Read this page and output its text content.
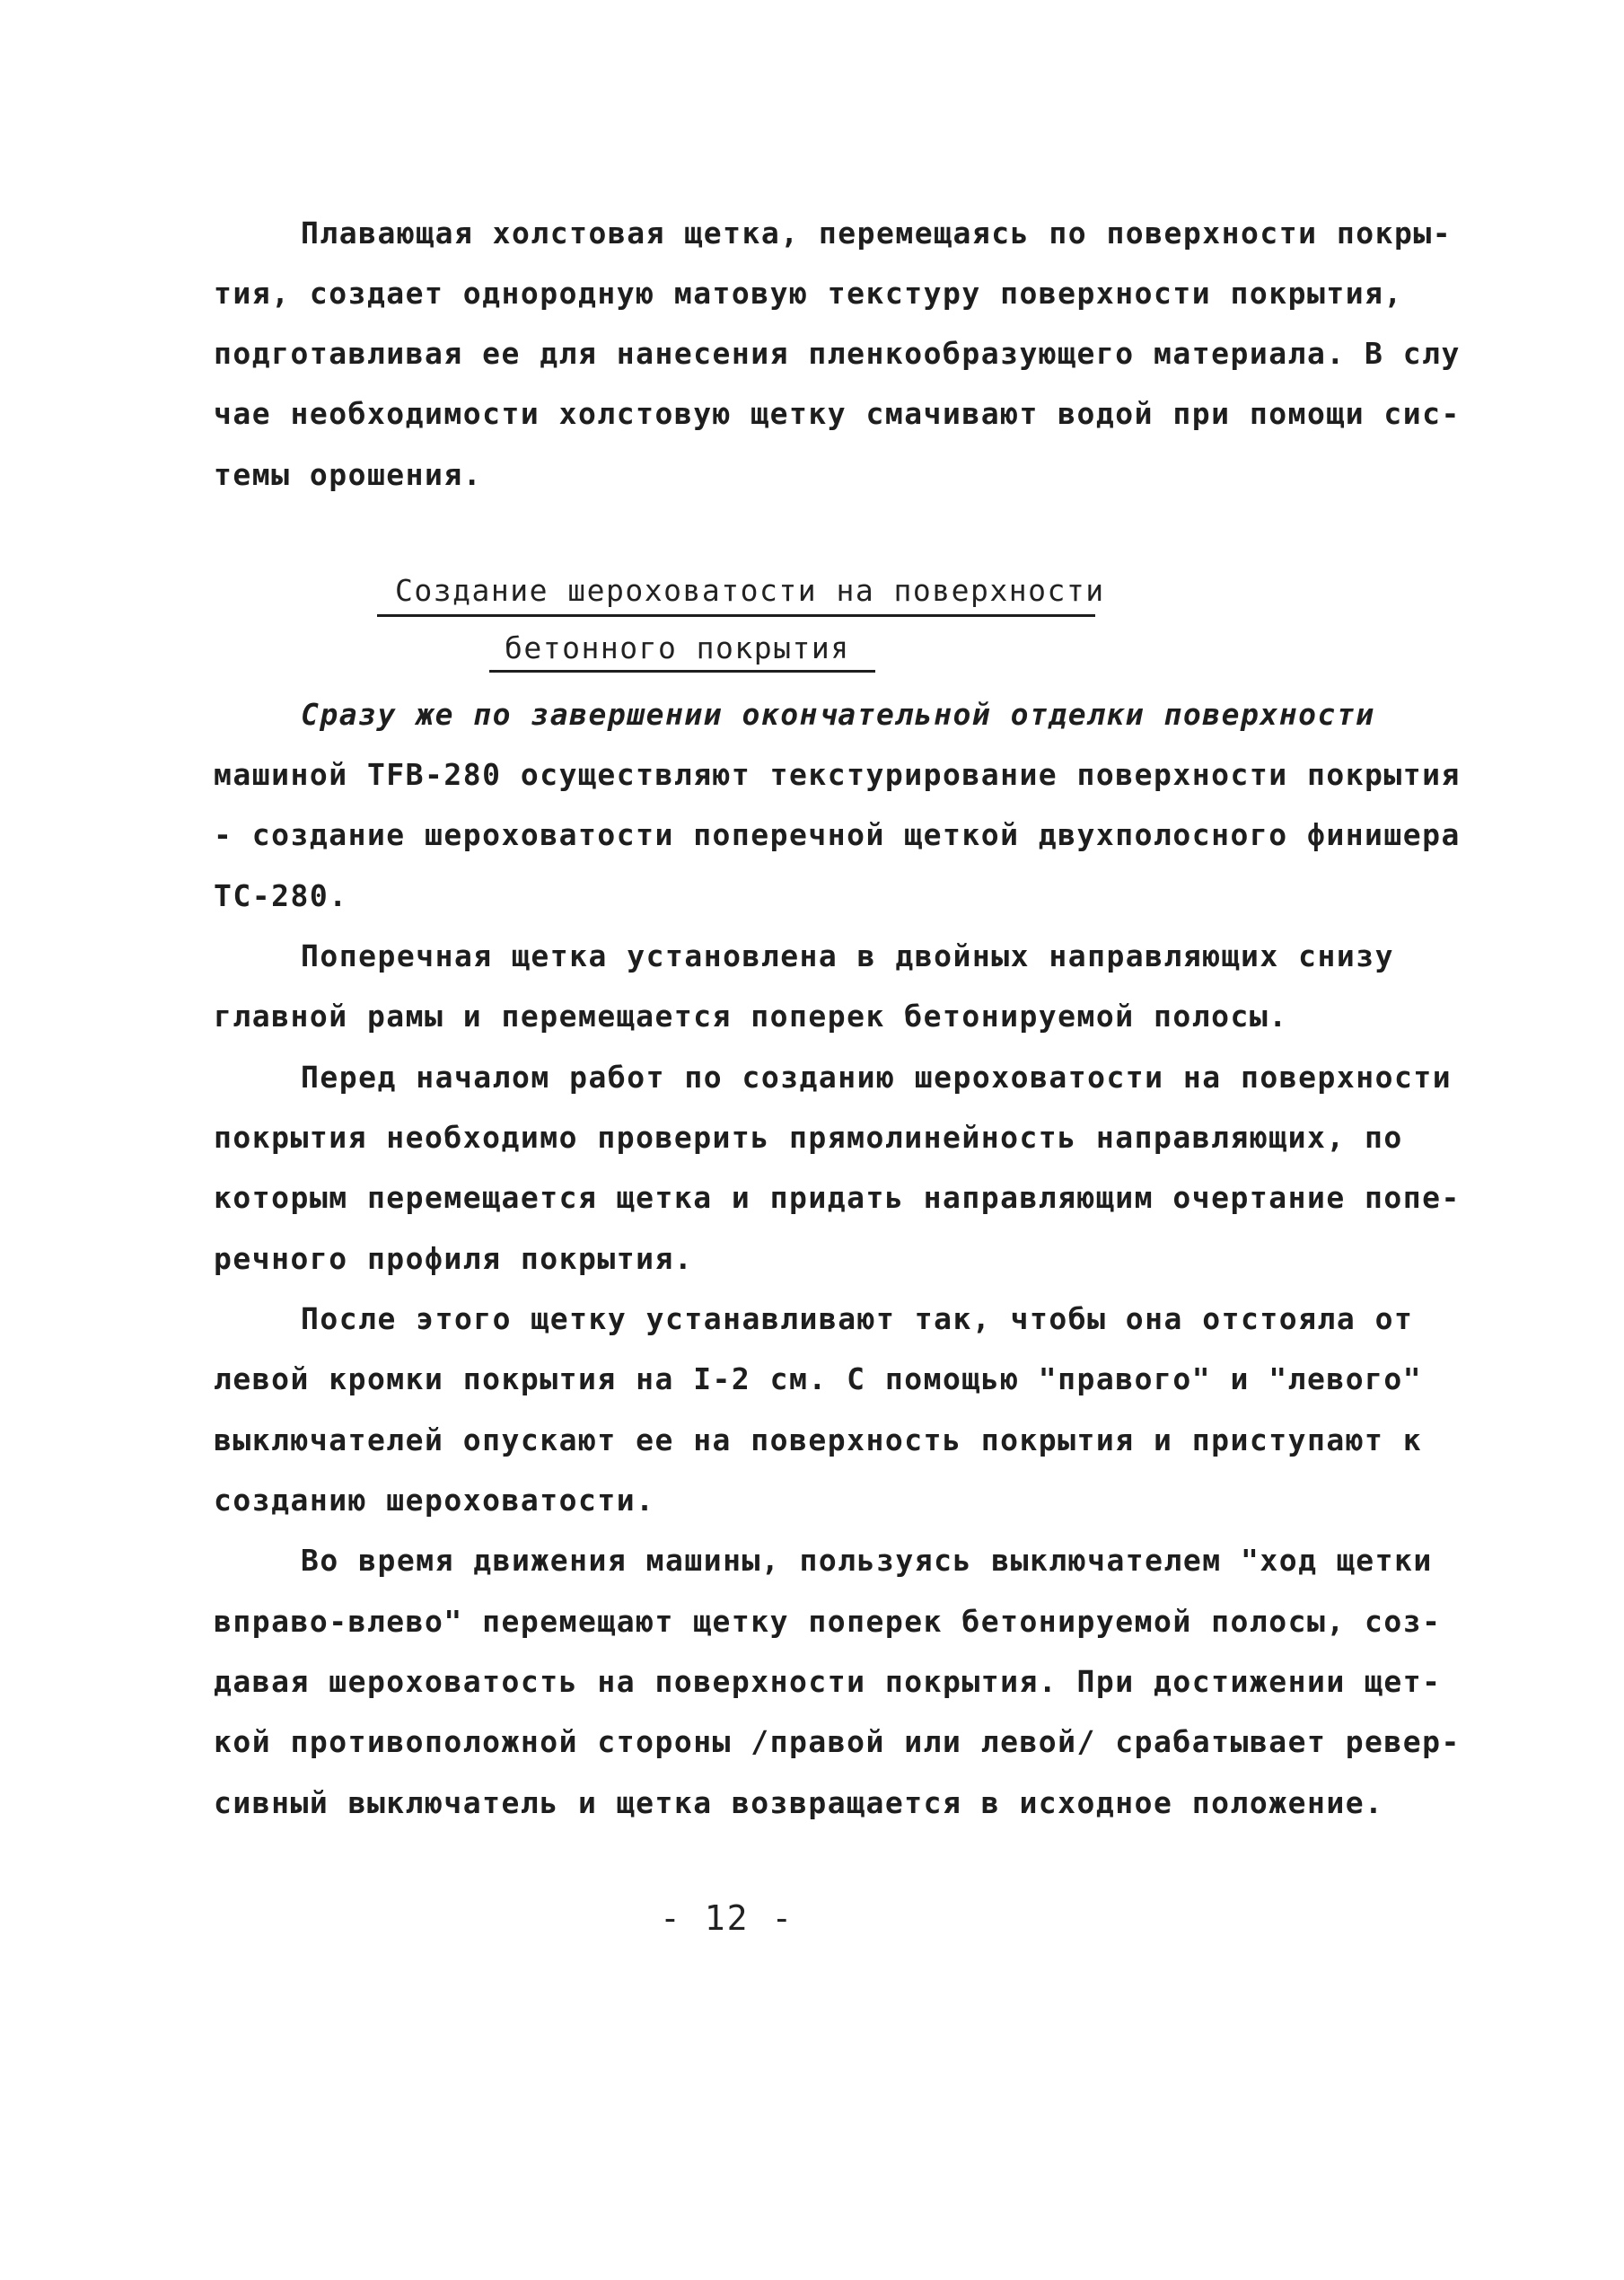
Плавающая холстовая щетка, перемещаясь по поверхности покры-
тия, создает однородную матовую текстуру поверхности покрытия,
подготавливая ее для нанесения пленкообразующего материала. В слу
чае необходимости холстовую щетку смачивают водой при помощи сис-
темы орошения.
Создание шероховатости на поверхности
бетонного покрытия
Сразу же по завершении окончательной отделки поверхности
машиной TFB-280 осуществляют текстурирование поверхности покрытия
- создание шероховатости поперечной щеткой двухполосного финишера
TC-280.
Поперечная щетка установлена в двойных направляющих снизу
главной рамы и перемещается поперек бетонируемой полосы.
Перед началом работ по созданию шероховатости на поверхности
покрытия необходимо проверить прямолинейность направляющих, по
которым перемещается щетка и придать направляющим очертание попе-
речного профиля покрытия.
После этого щетку устанавливают так, чтобы она отстояла от
левой кромки покрытия на I-2 см. С помощью "правого" и "левого"
выключателей опускают ее на поверхность покрытия и приступают к
созданию шероховатости.
Во время движения машины, пользуясь выключателем "ход щетки
вправо-влево" перемещают щетку поперек бетонируемой полосы, соз-
давая шероховатость на поверхности покрытия. При достижении щет-
кой противоположной стороны /правой или левой/ срабатывает ревер-
сивный выключатель и щетка возвращается в исходное положение.
- 12 -
